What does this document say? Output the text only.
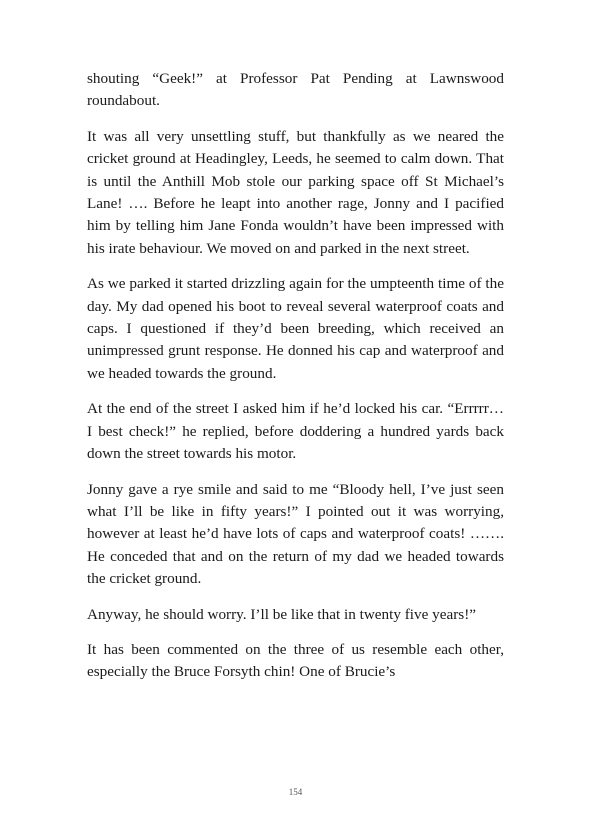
shouting “Geek!” at Professor Pat Pending at Lawnswood roundabout.

It was all very unsettling stuff, but thankfully as we neared the cricket ground at Headingley, Leeds, he seemed to calm down. That is until the Anthill Mob stole our parking space off St Michael’s Lane! …. Before he leapt into another rage, Jonny and I pacified him by telling him Jane Fonda wouldn’t have been impressed with his irate behaviour. We moved on and parked in the next street.

As we parked it started drizzling again for the umpteenth time of the day. My dad opened his boot to reveal several waterproof coats and caps. I questioned if they’d been breeding, which received an unimpressed grunt response. He donned his cap and waterproof and we headed towards the ground.

At the end of the street I asked him if he’d locked his car. “Errrrr… I best check!” he replied, before doddering a hundred yards back down the street towards his motor.

Jonny gave a rye smile and said to me “Bloody hell, I’ve just seen what I’ll be like in fifty years!” I pointed out it was worrying, however at least he’d have lots of caps and waterproof coats! ……. He conceded that and on the return of my dad we headed towards the cricket ground.

Anyway, he should worry. I’ll be like that in twenty five years!”

It has been commented on the three of us resemble each other, especially the Bruce Forsyth chin! One of Brucie’s

154
